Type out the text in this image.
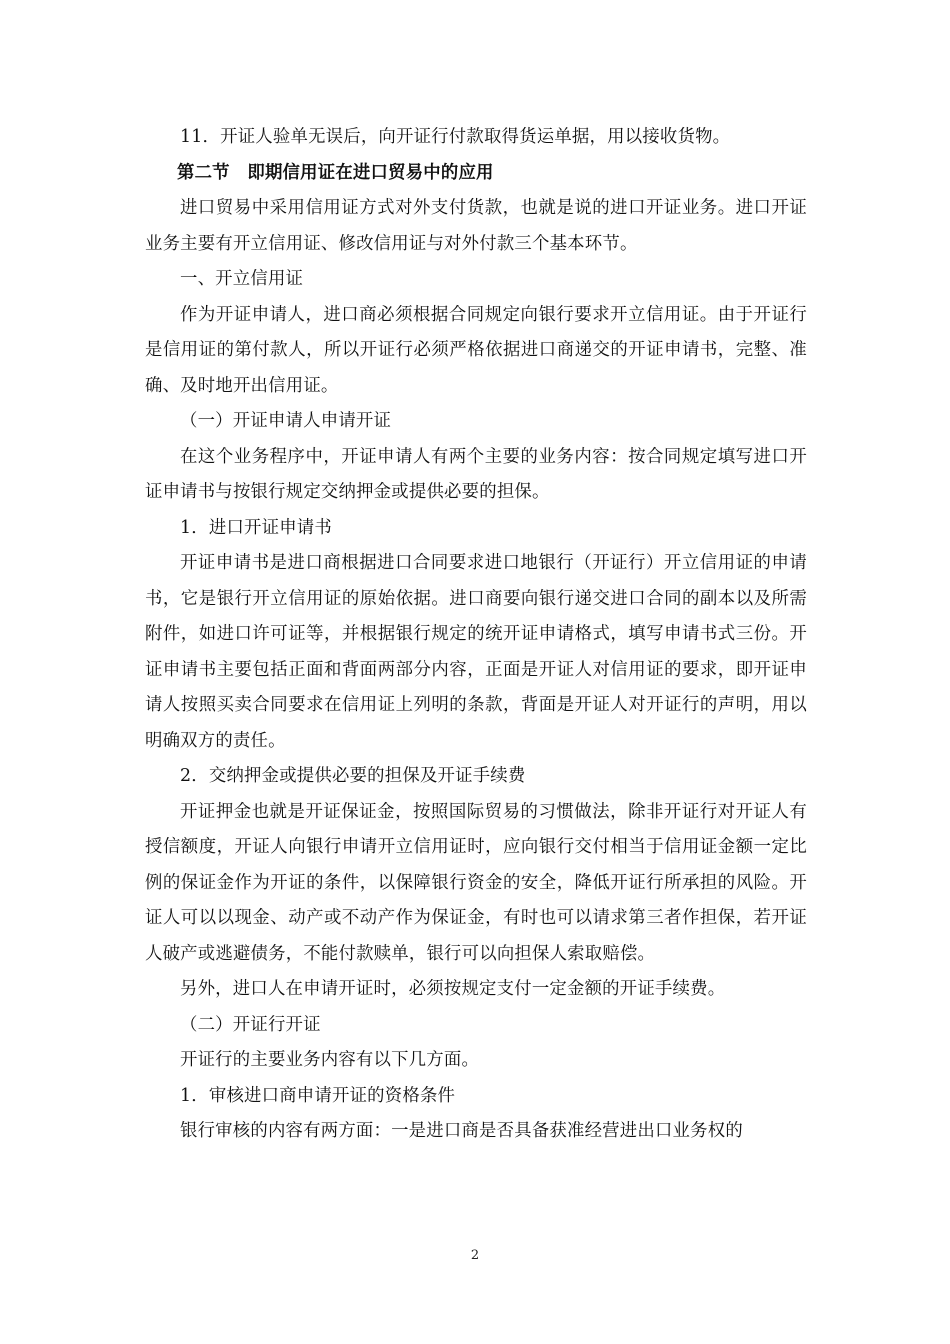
11．开证人验单无误后，向开证行付款取得货运单据，用以接收货物。

第二节　即期信用证在进口贸易中的应用

进口贸易中采用信用证方式对外支付货款，也就是说的进口开证业务。进口开证业务主要有开立信用证、修改信用证与对外付款三个基本环节。

一、开立信用证

作为开证申请人，进口商必须根据合同规定向银行要求开立信用证。由于开证行是信用证的第付款人，所以开证行必须严格依据进口商递交的开证申请书，完整、准确、及时地开出信用证。

（一）开证申请人申请开证

在这个业务程序中，开证申请人有两个主要的业务内容：按合同规定填写进口开证申请书与按银行规定交纳押金或提供必要的担保。

1．进口开证申请书

开证申请书是进口商根据进口合同要求进口地银行（开证行）开立信用证的申请书，它是银行开立信用证的原始依据。进口商要向银行递交进口合同的副本以及所需附件，如进口许可证等，并根据银行规定的统开证申请格式，填写申请书式三份。开证申请书主要包括正面和背面两部分内容，正面是开证人对信用证的要求，即开证申请人按照买卖合同要求在信用证上列明的条款，背面是开证人对开证行的声明，用以明确双方的责任。

2．交纳押金或提供必要的担保及开证手续费

开证押金也就是开证保证金，按照国际贸易的习惯做法，除非开证行对开证人有授信额度，开证人向银行申请开立信用证时，应向银行交付相当于信用证金额一定比例的保证金作为开证的条件，以保障银行资金的安全，降低开证行所承担的风险。开证人可以以现金、动产或不动产作为保证金，有时也可以请求第三者作担保，若开证人破产或逃避债务，不能付款赎单，银行可以向担保人索取赔偿。

另外，进口人在申请开证时，必须按规定支付一定金额的开证手续费。

（二）开证行开证

开证行的主要业务内容有以下几方面。

1．审核进口商申请开证的资格条件

银行审核的内容有两方面：一是进口商是否具备获准经营进出口业务权的

2
